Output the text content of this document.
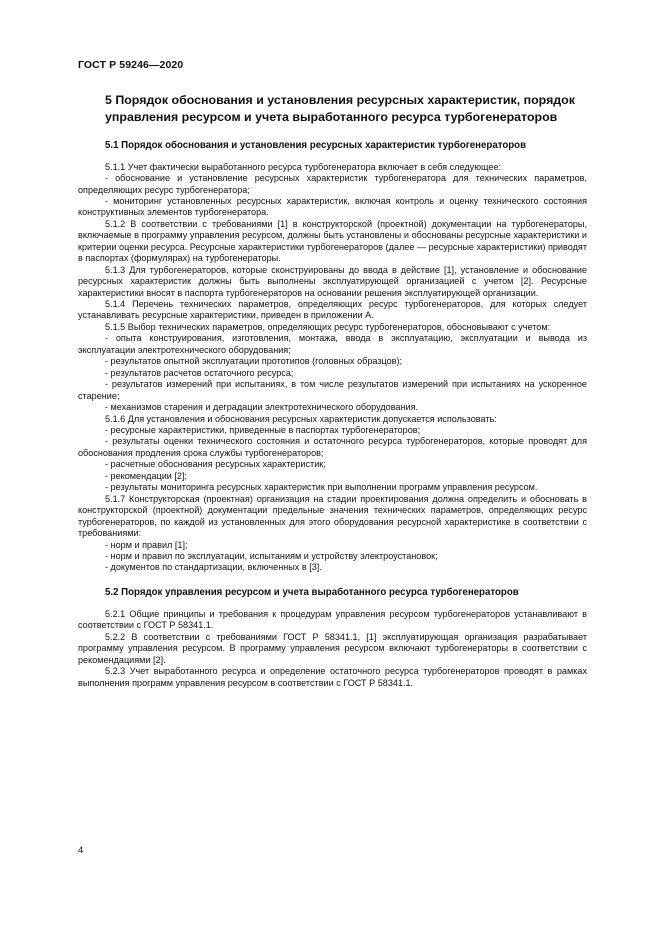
ГОСТ Р 59246—2020
5 Порядок обоснования и установления ресурсных характеристик, порядок управления ресурсом и учета выработанного ресурса турбогенераторов
5.1 Порядок обоснования и установления ресурсных характеристик турбогенераторов

5.1.1 Учет фактически выработанного ресурса турбогенератора включает в себя следующее:

- обоснование и установление ресурсных характеристик турбогенератора для технических параметров, определяющих ресурс турбогенератора;

- мониторинг установленных ресурсных характеристик, включая контроль и оценку технического состояния конструктивных элементов турбогенератора.

5.1.2 В соответствии с требованиями [1] в конструкторской (проектной) документации на турбогенераторы, включаемые в программу управления ресурсом, должны быть установлены и обоснованы ресурсные характеристики и критерии оценки ресурса. Ресурсные характеристики турбогенераторов (далее — ресурсные характеристики) приводят в паспортах (формулярах) на турбогенераторы.

5.1.3 Для турбогенераторов, которые сконструированы до ввода в действие [1], установление и обоснование ресурсных характеристик должны быть выполнены эксплуатирующей организацией с учетом [2]. Ресурсные характеристики вносят в паспорта турбогенераторов на основании решения эксплуатирующей организации.

5.1.4 Перечень технических параметров, определяющих ресурс турбогенераторов, для которых следует устанавливать ресурсные характеристики, приведен в приложении А.

5.1.5 Выбор технических параметров, определяющих ресурс турбогенераторов, обосновывают с учетом:

- опыта конструирования, изготовления, монтажа, ввода в эксплуатацию, эксплуатации и вывода из эксплуатации электротехнического оборудования;

- результатов опытной эксплуатации прототипов (головных образцов);

- результатов расчетов остаточного ресурса;

- результатов измерений при испытаниях, в том числе результатов измерений при испытаниях на ускоренное старение;

- механизмов старения и деградации электротехнического оборудования.

5.1.6 Для установления и обоснования ресурсных характеристик допускается использовать:

- ресурсные характеристики, приведенные в паспортах турбогенераторов;

- результаты оценки технического состояния и остаточного ресурса турбогенераторов, которые проводят для обоснования продления срока службы турбогенераторов;

- расчетные обоснования ресурсных характеристик;

- рекомендации [2];

- результаты мониторинга ресурсных характеристик при выполнении программ управления ресурсом.

5.1.7 Конструкторская (проектная) организация на стадии проектирования должна определить и обосновать в конструкторской (проектной) документации предельные значения технических параметров, определяющих ресурс турбогенераторов, по каждой из установленных для этого оборудования ресурсной характеристике в соответствии с требованиями:

- норм и правил [1];

- норм и правил по эксплуатации, испытаниям и устройству электроустановок;

- документов по стандартизации, включенных в [3].

5.2 Порядок управления ресурсом и учета выработанного ресурса турбогенераторов

5.2.1 Общие принципы и требования к процедурам управления ресурсом турбогенераторов устанавливают в соответствии с ГОСТ Р 58341.1.

5.2.2 В соответствии с требованиями ГОСТ Р 58341.1, [1] эксплуатирующая организация разрабатывает программу управления ресурсом. В программу управления ресурсом включают турбогенераторы в соответствии с рекомендациями [2].

5.2.3 Учет выработанного ресурса и определение остаточного ресурса турбогенераторов проводят в рамках выполнения программ управления ресурсом в соответствии с ГОСТ Р 58341.1.

4
